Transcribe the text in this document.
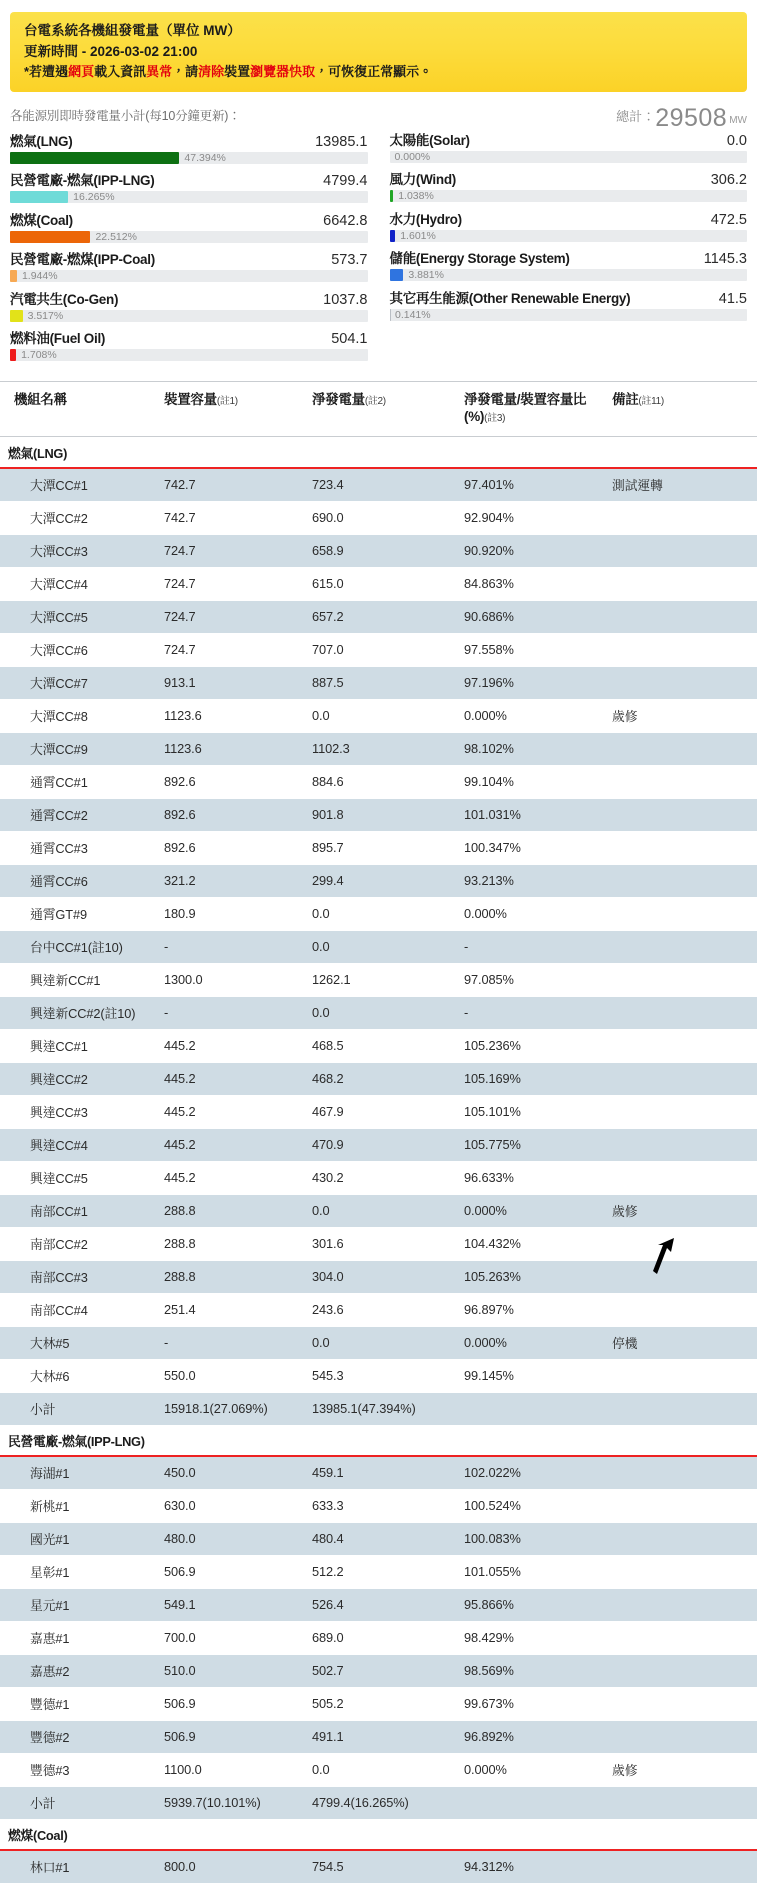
台電系統各機組發電量（單位 MW）
更新時間 - 2026-03-02 21:00
*若遭遇網頁載入資訊異常，請清除裝置瀏覽器快取，可恢復正常顯示。
各能源別即時發電量小計(每10分鐘更新)：
燃氣(LNG)	13985.1
47.394%
民營電廠-燃氣(IPP-LNG)	4799.4
16.265%
燃煤(Coal)	6642.8
22.512%
民營電廠-燃煤(IPP-Coal)	573.7
1.944%
汽電共生(Co-Gen)	1037.8
3.517%
燃料油(Fuel Oil)	504.1
1.708%
$^{總計:}$29508 $^{MW}$
太陽能(Solar)	0.0
0.000%
風力(Wind)	306.2
1.038%
水力(Hydro)	472.5
1.601%
儲能(Energy Storage System)	1145.3
3.881%
其它再生能源(Other Renewable Energy)	41.5
0.141%
機組名稱	裝置容量(註1)	淨發電量(註2)	淨發電量/裝置容量比(%)(註3)	備註(註11)
燃氣(LNG)				
大潭CC#1	742.7	723.4	97.401%	測試運轉
大潭CC#2	742.7	690.0	92.904%	
大潭CC#3	724.7	658.9	90.920%	
大潭CC#4	724.7	615.0	84.863%	
大潭CC#5	724.7	657.2	90.686%	
大潭CC#6	724.7	707.0	97.558%	
大潭CC#7	913.1	887.5	97.196%	
大潭CC#8	1123.6	0.0	0.000%	歲修
大潭CC#9	1123.6	1102.3	98.102%	
通霄CC#1	892.6	884.6	99.104%	
通霄CC#2	892.6	901.8	101.031%	
通霄CC#3	892.6	895.7	100.347%	
通霄CC#6	321.2	299.4	93.213%	
通霄GT#9	180.9	0.0	0.000%	
台中CC#1(註10)	-	0.0	-	
興達新CC#1	1300.0	1262.1	97.085%	
興達新CC#2(註10)	-	0.0	-	
興達CC#1	445.2	468.5	105.236%	
興達CC#2	445.2	468.2	105.169%	
興達CC#3	445.2	467.9	105.101%	
興達CC#4	445.2	470.9	105.775%	
興達CC#5	445.2	430.2	96.633%	
南部CC#1	288.8	0.0	0.000%	歲修
南部CC#2	288.8	301.6	104.432%	
南部CC#3	288.8	304.0	105.263%	
南部CC#4	251.4	243.6	96.897%	
大林#5	-	0.0	0.000%	停機
大林#6	550.0	545.3	99.145%	
小計	15918.1(27.069%)	13985.1(47.394%)		
民營電廠-燃氣(IPP-LNG)				
海湖#1	450.0	459.1	102.022%	
新桃#1	630.0	633.3	100.524%	
國光#1	480.0	480.4	100.083%	
星彰#1	506.9	512.2	101.055%	
星元#1	549.1	526.4	95.866%	
嘉惠#1	700.0	689.0	98.429%	
嘉惠#2	510.0	502.7	98.569%	
豐德#1	506.9	505.2	99.673%	
豐德#2	506.9	491.1	96.892%	
豐德#3	1100.0	0.0	0.000%	歲修
小計	5939.7(10.101%)	4799.4(16.265%)		
燃煤(Coal)				
林口#1	800.0	754.5	94.312%	
